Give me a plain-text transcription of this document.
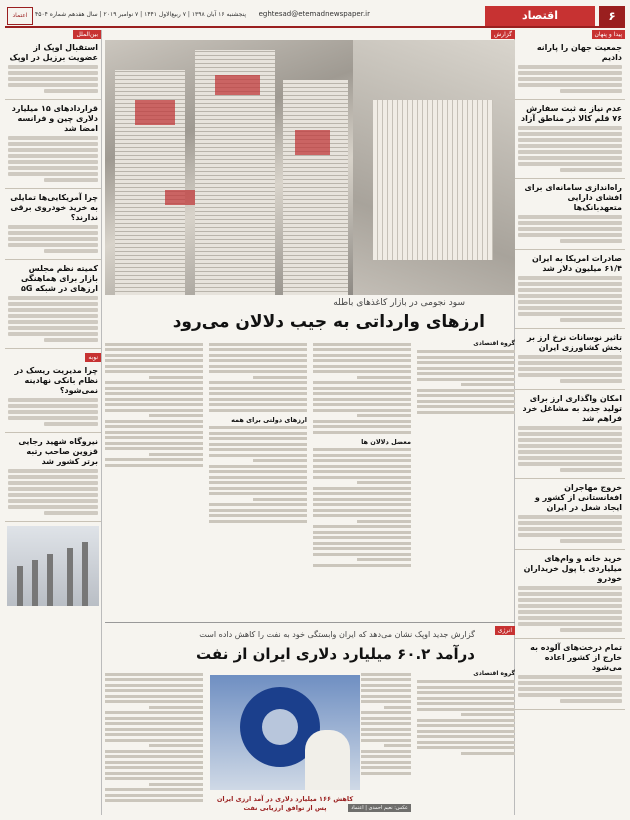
۶
اقتصاد
eghtesad@etemadnewspaper.ir
پنجشنبه ۱۶ آبان ۱۳۹۸ | ۷ ربیع‌الاول ۱۴۴۱ | ۷ نوامبر ۲۰۱۹ | سال هفدهم شماره ۴۵۰۴
اعتماد
پیدا و پنهان
جمعیت جهان را پارانه دادیم
عدم نیاز به ثبت سفارش ۷۶ قلم کالا در مناطق آزاد
راه‌اندازی سامانه‌ای برای افشای دارایی متعهدبانک‌ها
صادرات امریکا به ایران ۶۱/۴ میلیون دلار شد
تاثیر نوسانات نرخ ارز بر بخش کشاورزی ایران
امکان واگذاری ارز برای تولید جدید به مشاغل خرد فراهم شد
خروج مهاجران افغانستانی از کشور و ایجاد شغل در ایران
خرید خانه و وام‌های میلیاردی با پول خریداران خودرو
تمام درخت‌های آلوده به خارج از کشور اعاده می‌شود
بین‌الملل
استقبال اوپک از عضویت برزیل در اوپک
قراردادهای ۱۵ میلیارد دلاری چین و فرانسه امضا شد
چرا آمریکایی‌ها تمایلی به خرید خودروی برقی ندارند؟
کمیته نظم مجلس بازار برای هماهنگی ارزهای در شبکه ۵G
نوبه
چرا مدیریت ریسک در نظام بانکی نهادینه نمی‌شود؟
نیروگاه شهید رجایی قزوین صاحب رتبه برتر کشور شد
گزارش
عکس: نعیم احمدی | اعتماد
سود نجومی در بازار کاغذهای باطله
ارزهای وارداتی به جیب دلالان می‌رود
گروه اقتصادی
معضل دلالان ها
ارزهای دولتی برای همه
انرژی
گزارش جدید اوپک نشان می‌دهد که ایران وابستگی خود به نفت را کاهش داده است
درآمد ۶۰.۲ میلیارد دلاری ایران از نفت
گروه اقتصادی
کاهش ۱۶۶ میلیارد دلاری در آمد ارزی ایران پس از توافق ارزیابی نفت
